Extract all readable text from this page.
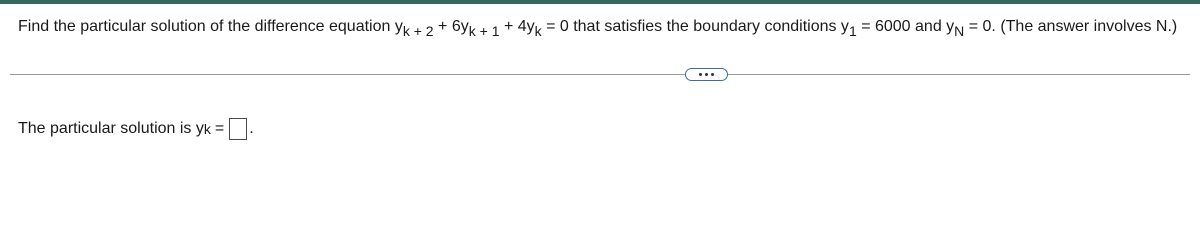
Find the particular solution of the difference equation $y_{k + 2} + 6y_{k + 1} + 4y_k = 0$ that satisfies the boundary conditions $y_1 = 6000$ and $y_N = 0$. (The answer involves N.)
The particular solution is y k = .
